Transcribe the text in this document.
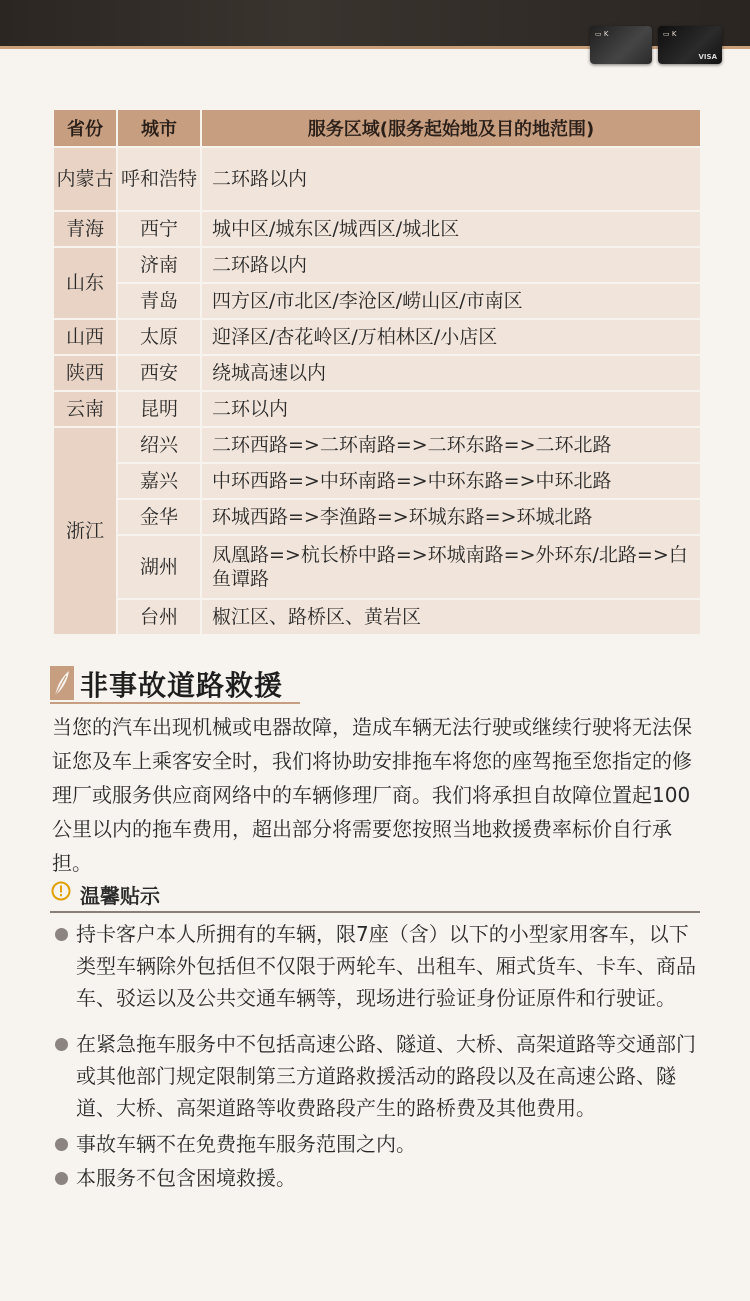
▭ K	▭ K
VISA
省份	城市	服务区域(服务起始地及目的地范围)
内蒙古	呼和浩特	二环路以内
青海	西宁	城中区/城东区/城西区/城北区
山东	济南	二环路以内
	青岛	四方区/市北区/李沧区/崂山区/市南区
山西	太原	迎泽区/杏花岭区/万柏林区/小店区
陕西	西安	绕城高速以内
云南	昆明	二环以内
浙江	绍兴	二环西路=>二环南路=>二环东路=>二环北路
	嘉兴	中环西路=>中环南路=>中环东路=>中环北路
	金华	环城西路=>李渔路=>环城东路=>环城北路
	湖州	凤凰路=>杭长桥中路=>环城南路=>外环东/北路=>白鱼谭路
	台州	椒江区、路桥区、黄岩区
非事故道路救援

当您的汽车出现机械或电器故障，造成车辆无法行驶或继续行驶将无法保证您及车上乘客安全时，我们将协助安排拖车将您的座驾拖至您指定的修理厂或服务供应商网络中的车辆修理厂商。我们将承担自故障位置起100公里以内的拖车费用，超出部分将需要您按照当地救援费率标价自行承担。

温馨贴示
持卡客户本人所拥有的车辆，限7座（含）以下的小型家用客车，以下类型车辆除外包括但不仅限于两轮车、出租车、厢式货车、卡车、商品车、驳运以及公共交通车辆等，现场进行验证身份证原件和行驶证。
在紧急拖车服务中不包括高速公路、隧道、大桥、高架道路等交通部门或其他部门规定限制第三方道路救援活动的路段以及在高速公路、隧道、大桥、高架道路等收费路段产生的路桥费及其他费用。
事故车辆不在免费拖车服务范围之内。
本服务不包含困境救援。
